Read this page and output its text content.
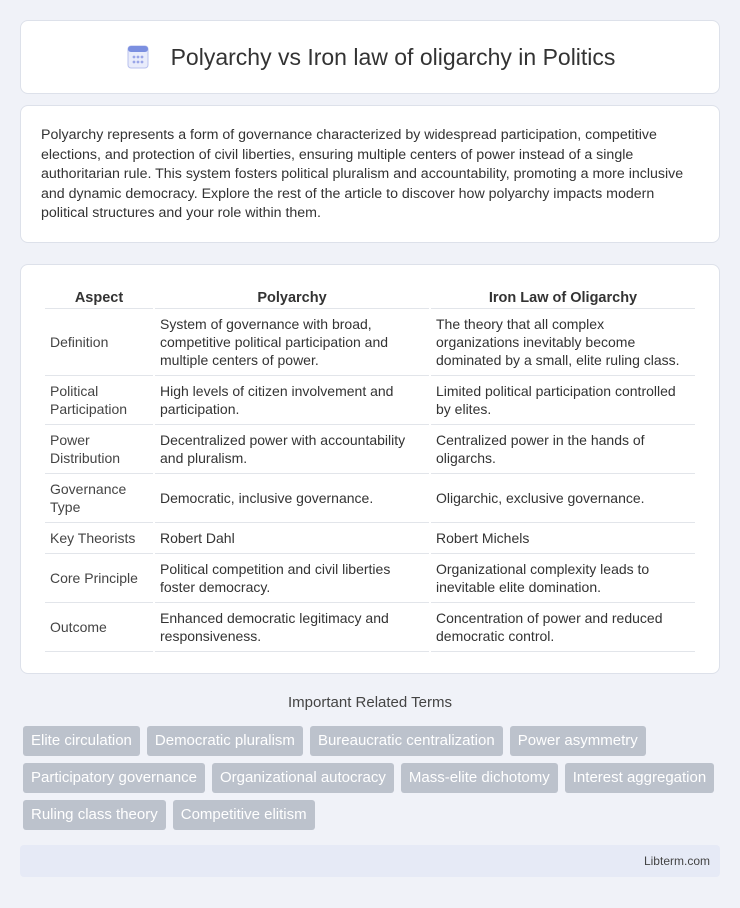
Polyarchy vs Iron law of oligarchy in Politics

Polyarchy represents a form of governance characterized by widespread participation, competitive elections, and protection of civil liberties, ensuring multiple centers of power instead of a single authoritarian rule. This system fosters political pluralism and accountability, promoting a more inclusive and dynamic democracy. Explore the rest of the article to discover how polyarchy impacts modern political structures and your role within them.

Aspect	Polyarchy	Iron Law of Oligarchy
Definition	System of governance with broad, competitive political participation and multiple centers of power.	The theory that all complex organizations inevitably become dominated by a small, elite ruling class.
Political Participation	High levels of citizen involvement and participation.	Limited political participation controlled by elites.
Power Distribution	Decentralized power with accountability and pluralism.	Centralized power in the hands of oligarchs.
Governance Type	Democratic, inclusive governance.	Oligarchic, exclusive governance.
Key Theorists	Robert Dahl	Robert Michels
Core Principle	Political competition and civil liberties foster democracy.	Organizational complexity leads to inevitable elite domination.
Outcome	Enhanced democratic legitimacy and responsiveness.	Concentration of power and reduced democratic control.
Important Related Terms
Elite circulation	Democratic pluralism	Bureaucratic centralization	Power asymmetry
Participatory governance	Organizational autocracy	Mass-elite dichotomy	Interest aggregation
Ruling class theory	Competitive elitism
Libterm.com
